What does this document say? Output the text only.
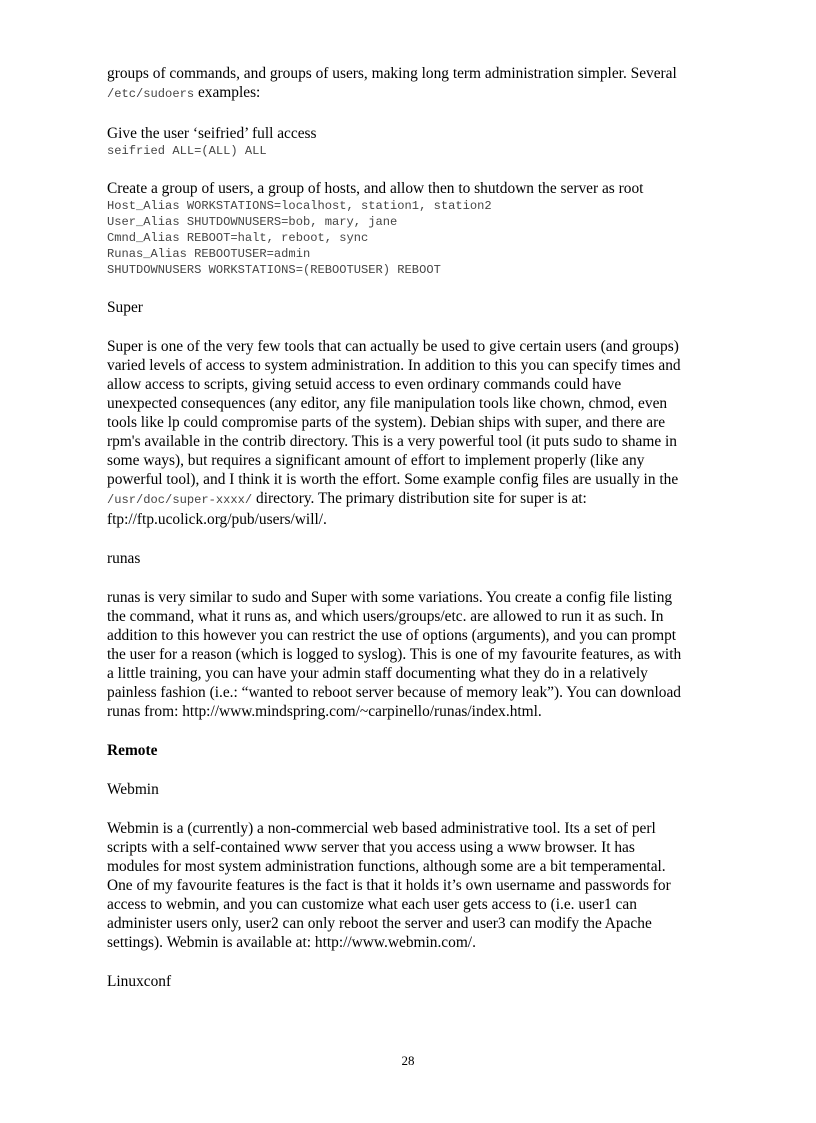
groups of commands, and groups of users, making long term administration simpler. Several

/etc/sudoers examples:

Give the user ‘seifried’ full access

seifried ALL=(ALL) ALL

Create a group of users, a group of hosts, and allow then to shutdown the server as root

Host_Alias WORKSTATIONS=localhost, station1, station2

User_Alias SHUTDOWNUSERS=bob, mary, jane

Cmnd_Alias REBOOT=halt, reboot, sync

Runas_Alias REBOOTUSER=admin

SHUTDOWNUSERS WORKSTATIONS=(REBOOTUSER) REBOOT

Super

Super is one of the very few tools that can actually be used to give certain users (and groups)

varied levels of access to system administration. In addition to this you can specify times and

allow access to scripts, giving setuid access to even ordinary commands could have

unexpected consequences (any editor, any file manipulation tools like chown, chmod, even

tools like lp could compromise parts of the system). Debian ships with super, and there are

rpm's available in the contrib directory. This is a very powerful tool (it puts sudo to shame in

some ways), but requires a significant amount of effort to implement properly (like any

powerful tool), and I think it is worth the effort. Some example config files are usually in the

/usr/doc/super-xxxx/ directory. The primary distribution site for super is at:

ftp://ftp.ucolick.org/pub/users/will/.

runas

runas is very similar to sudo and Super with some variations. You create a config file listing

the command, what it runs as, and which users/groups/etc. are allowed to run it as such. In

addition to this however you can restrict the use of options (arguments), and you can prompt

the user for a reason (which is logged to syslog). This is one of my favourite features, as with

a little training, you can have your admin staff documenting what they do in a relatively

painless fashion (i.e.: “wanted to reboot server because of memory leak”). You can download

runas from: http://www.mindspring.com/~carpinello/runas/index.html.

Remote

Webmin

Webmin is a (currently) a non-commercial web based administrative tool. Its a set of perl

scripts with a self-contained www server that you access using a www browser. It has

modules for most system administration functions, although some are a bit temperamental.

One of my favourite features is the fact is that it holds it’s own username and passwords for

access to webmin, and you can customize what each user gets access to (i.e. user1 can

administer users only, user2 can only reboot the server and user3 can modify the Apache

settings). Webmin is available at: http://www.webmin.com/.

Linuxconf

28
